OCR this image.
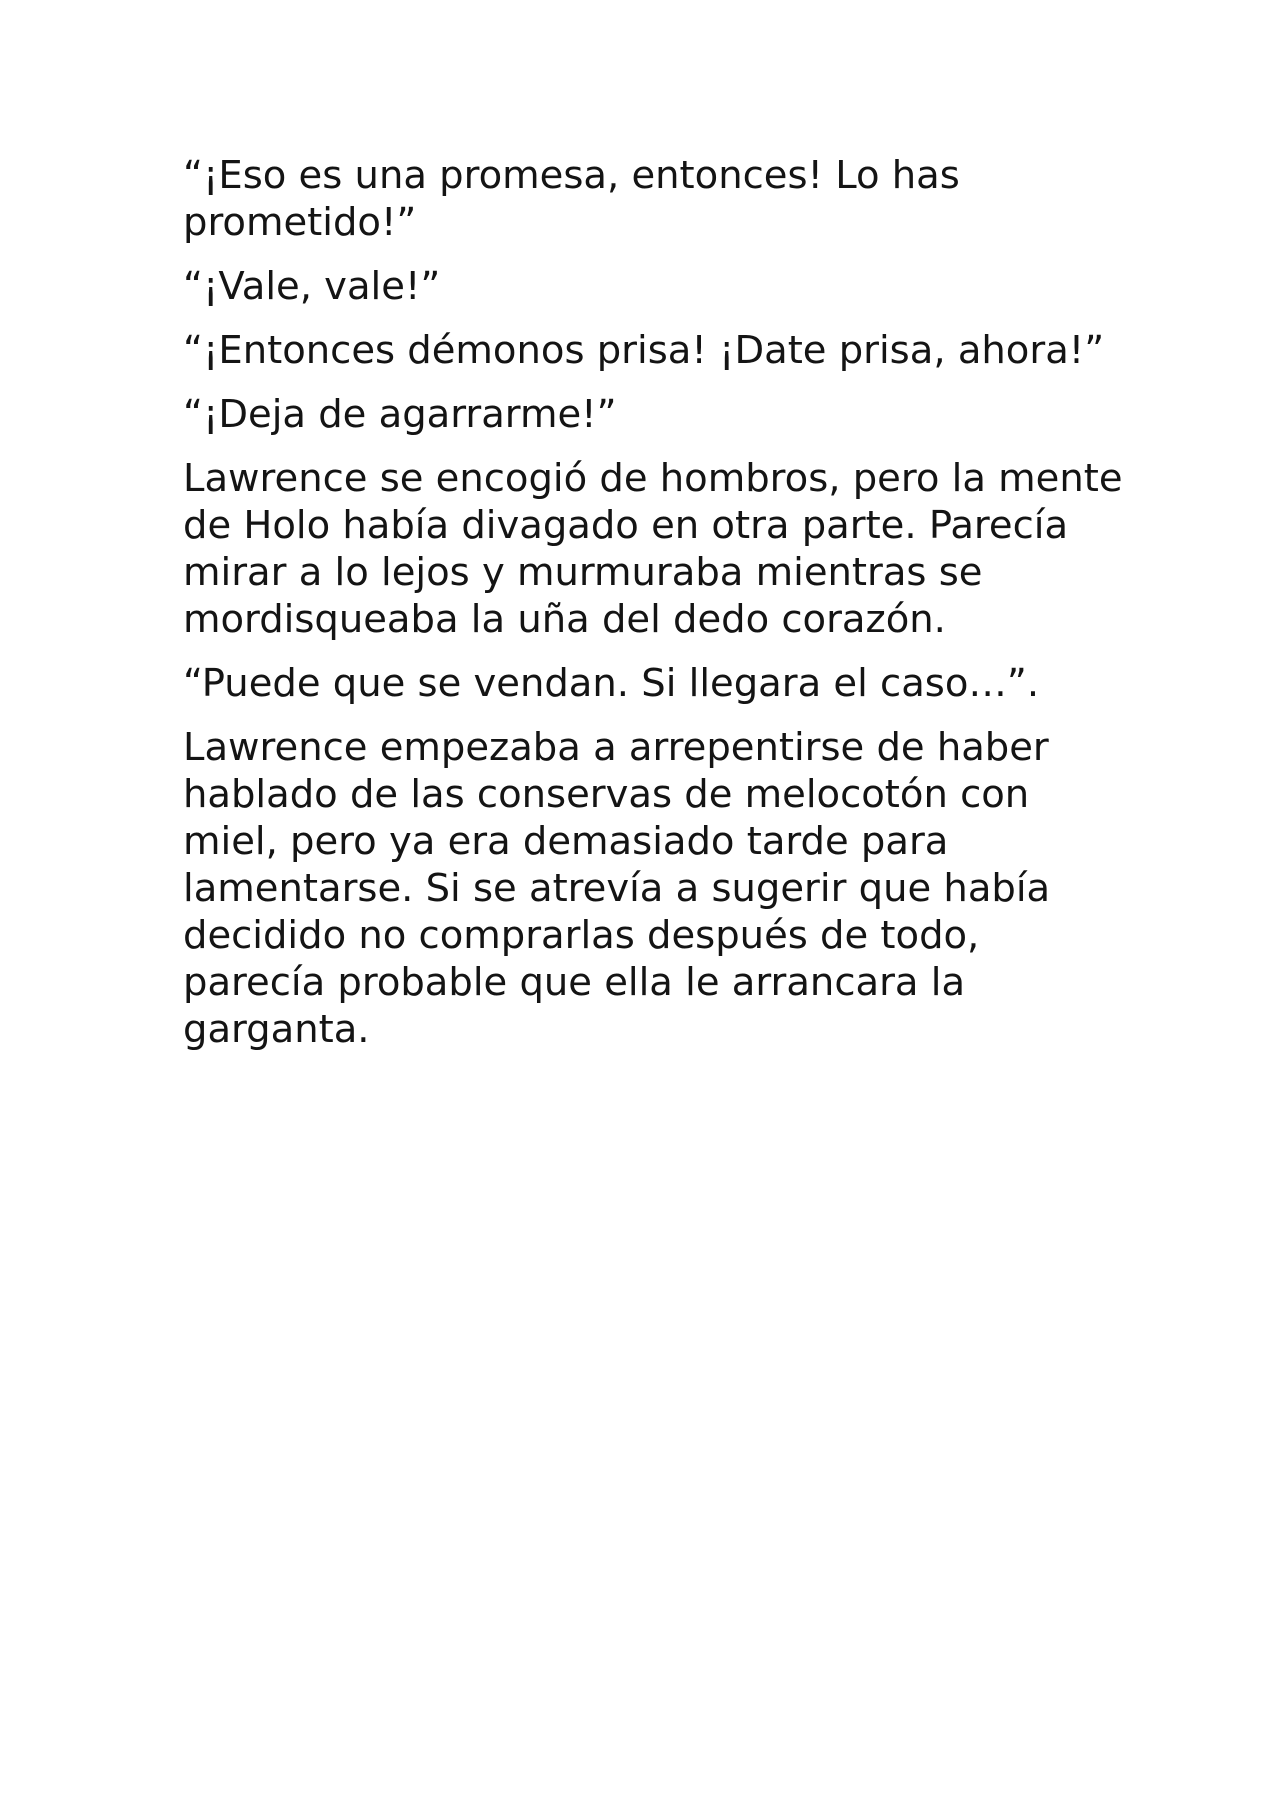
“¡Eso es una promesa, entonces! Lo has prometido!”

“¡Vale, vale!”

“¡Entonces démonos prisa! ¡Date prisa, ahora!”

“¡Deja de agarrarme!”

Lawrence se encogió de hombros, pero la mente de Holo había divagado en otra parte. Parecía mirar a lo lejos y murmuraba mientras se mordisqueaba la uña del dedo corazón.

“Puede que se vendan. Si llegara el caso…”.

Lawrence empezaba a arrepentirse de haber hablado de las conservas de melocotón con miel, pero ya era demasiado tarde para lamentarse. Si se atrevía a sugerir que había decidido no comprarlas después de todo, parecía probable que ella le arrancara la garganta.
